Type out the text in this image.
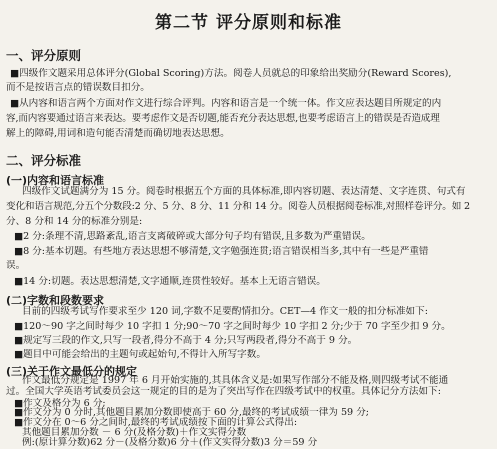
第二节 评分原则和标准
一、评分原则
■四级作文题采用总体评分(Global Scoring)方法。阅卷人员就总的印象给出奖励分(Reward Scores),
而不是按语言点的错误数目扣分。
■从内容和语言两个方面对作文进行综合评判。内容和语言是一个统一体。作文应表达题目所规定的内
容,而内容要通过语言来表达。要考虑作文是否切题,能否充分表达思想,也要考虑语言上的错误是否造成理
解上的障碍,用词和造句能否清楚而确切地表达思想。
二、评分标准
(一)内容和语言标准
四级作文试题满分为 15 分。阅卷时根据五个方面的具体标准,即内容切题、表达清楚、文字连贯、句式有
变化和语言规范,分五个分数段:2 分、5 分、8 分、11 分和 14 分。阅卷人员根据阅卷标准,对照样卷评分。如 2
分、8 分和 14 分的标准分别是:
■2 分:条理不清,思路紊乱,语言支离破碎或大部分句子均有错误,且多数为严重错误。
■8 分:基本切题。有些地方表达思想不够清楚,文字勉强连贯;语言错误相当多,其中有一些是严重错
误。
■14 分:切题。表达思想清楚,文字通顺,连贯性较好。基本上无语言错误。
(二)字数和段数要求
目前的四级考试写作要求至少 120 词,字数不足要酌情扣分。CET—4 作文一般的扣分标准如下:
■120～90 字之间时每少 10 字扣 1 分;90～70 字之间时每少 10 字扣 2 分;少于 70 字至少扣 9 分。
■规定写三段的作文,只写一段者,得分不高于 4 分;只写两段者,得分不高于 9 分。
■题目中可能会给出的主题句或起始句,不得计入所写字数。
(三)关于作文最低分的规定
作文最低分规定是 1997 年 6 月开始实施的,其具体含义是:如果写作部分不能及格,则四级考试不能通
过。全国大学英语考试委员会这一规定的目的是为了突出写作在四级考试中的权重。具体记分方法如下:
■作文及格分为 6 分;
■作文分为 0 分时,其他题目累加分数即使高于 60 分,最终的考试成绩一律为 59 分;
■作文分在 0～6 分之间时,最终的考试成绩按下面的计算公式得出:
其他题目累加分数 － 6 分(及格分数)＋作文实得分数
例:(原计算分数)62 分－(及格分数)6 分＋(作文实得分数)3 分＝59 分
